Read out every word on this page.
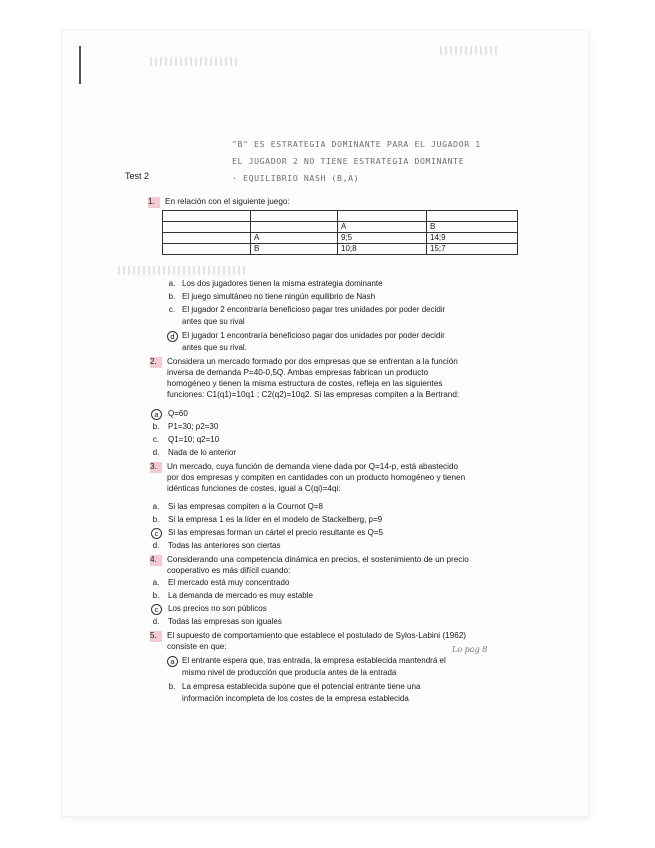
"B" ES ESTRATEGIA DOMINANTE PARA EL JUGADOR 1
EL JUGADOR 2 NO TIENE ESTRATEGIA DOMINANTE
· EQUILIBRIO NASH (B,A)
Lo pag 8
Test 2
1.	En relación con el siguiente juego:

		A	B
	A	9;5	14;9
	B	10;8	15;7
a. Los dos jugadores tienen la misma estrategia dominante
b. El juego simultáneo no tiene ningún equilibrio de Nash
c. El jugador 2 encontraría beneficioso pagar tres unidades por poder decidir
antes que su rival
d El jugador 1 encontraría beneficioso pagar dos unidades por poder decidir
antes que su rival.
2.	Considera un mercado formado por dos empresas que se enfrentan a la función
inversa de demanda P=40-0,5Q. Ambas empresas fabrican un producto
homogéneo y tienen la misma estructura de costes, refleja en las siguientes
funciones: C1(q1)=10q1 ; C2(q2)=10q2. Si las empresas compiten a la Bertrand:
a	Q=60
b.	P1=30; p2=30
c.	Q1=10; q2=10
d.	Nada de lo anterior
3.	Un mercado, cuya función de demanda viene dada por Q=14-p, está abastecido
por dos empresas y compiten en cantidades con un producto homogéneo y tienen
idénticas funciones de costes, igual a C(qi)=4qi:
a.	Si las empresas compiten a la Cournot Q=8
b.	Si la empresa 1 es la líder en el modelo de Stackelberg, p=9
c	Si las empresas forman un cártel el precio resultante es Q=5
d.	Todas las anteriores son ciertas
4.	Considerando una competencia dinámica en precios, el sostenimiento de un precio
cooperativo es más difícil cuando:
a.	El mercado está muy concentrado
b.	La demanda de mercado es muy estable
c	Los precios no son públicos
d.	Todas las empresas son iguales
5.	El supuesto de comportamiento que establece el postulado de Sylos-Labini (1962)
consiste en que:
a El entrante espera que, tras entrada, la empresa establecida mantendrá el
mismo nivel de producción que producía antes de la entrada
b. La empresa establecida supone que el potencial entrante tiene una
información incompleta de los costes de la empresa establecida
